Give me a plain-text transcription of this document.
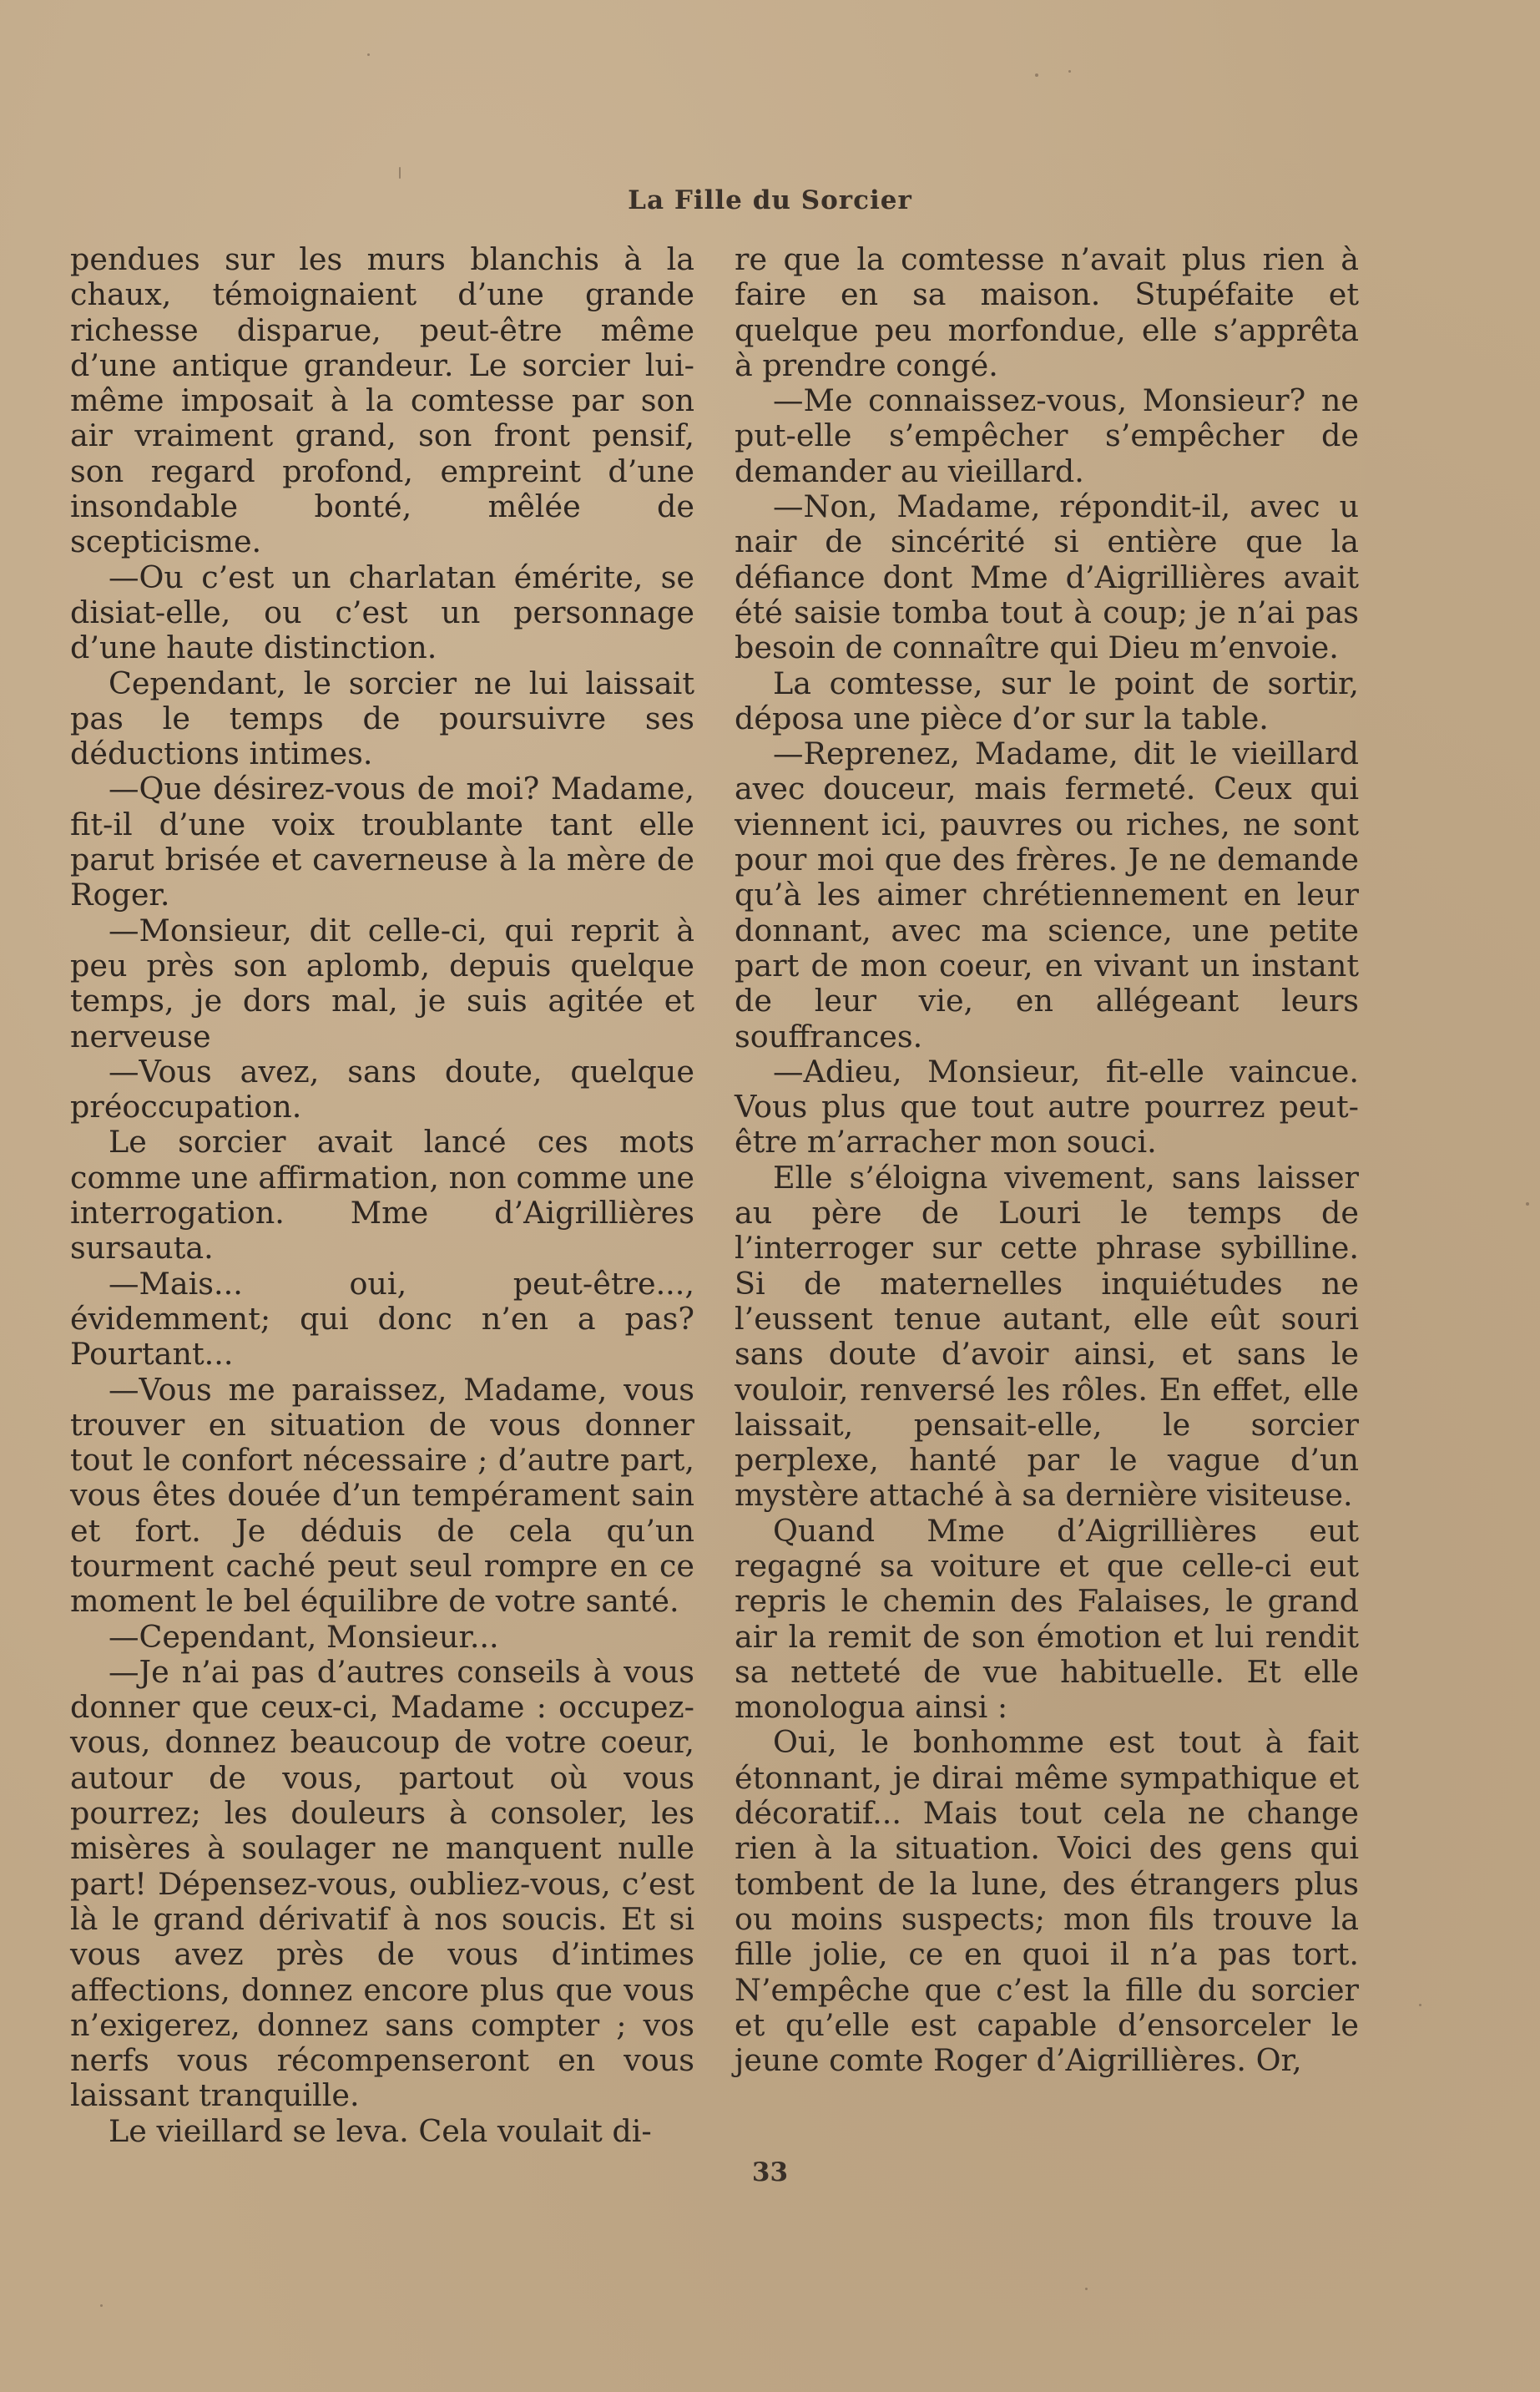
La Fille du Sorcier

pendues sur les murs blanchis à la chaux, témoignaient d’une grande richesse disparue, peut-être même d’une antique grandeur. Le sorcier lui-même imposait à la comtesse par son air vraiment grand, son front pensif, son regard profond, empreint d’une insondable bonté, mêlée de scepticisme.

—Ou c’est un charlatan émérite, se disiat-elle, ou c’est un personnage d’une haute distinction.

Cependant, le sorcier ne lui laissait pas le temps de poursuivre ses déductions intimes.

—Que désirez-vous de moi? Madame, fit-il d’une voix troublante tant elle parut brisée et caverneuse à la mère de Roger.

—Monsieur, dit celle-ci, qui reprit à peu près son aplomb, depuis quelque temps, je dors mal, je suis agitée et nerveuse

—Vous avez, sans doute, quelque préoccupation.

Le sorcier avait lancé ces mots comme une affirmation, non comme une interrogation. Mme d’Aigrillières sursauta.

—Mais... oui, peut-être..., évidemment; qui donc n’en a pas? Pourtant...

—Vous me paraissez, Madame, vous trouver en situation de vous donner tout le confort nécessaire ; d’autre part, vous êtes douée d’un tempérament sain et fort. Je déduis de cela qu’un tourment caché peut seul rompre en ce moment le bel équilibre de votre santé.

—Cependant, Monsieur...

—Je n’ai pas d’autres conseils à vous donner que ceux-ci, Madame : occupez-vous, donnez beaucoup de votre coeur, autour de vous, partout où vous pourrez; les douleurs à consoler, les misères à soulager ne manquent nulle part! Dépensez-vous, oubliez-vous, c’est là le grand dérivatif à nos soucis. Et si vous avez près de vous d’intimes affections, donnez encore plus que vous n’exigerez, donnez sans compter ; vos nerfs vous récompenseront en vous laissant tranquille.

Le vieillard se leva. Cela voulait di-

re que la comtesse n’avait plus rien à faire en sa maison. Stupéfaite et quelque peu morfondue, elle s’apprêta à prendre congé.

—Me connaissez-vous, Monsieur? ne put-elle s’empêcher s’empêcher de demander au vieillard.

—Non, Madame, répondit-il, avec u nair de sincérité si entière que la défiance dont Mme d’Aigrillières avait été saisie tomba tout à coup; je n’ai pas besoin de connaître qui Dieu m’envoie.

La comtesse, sur le point de sortir, déposa une pièce d’or sur la table.

—Reprenez, Madame, dit le vieillard avec douceur, mais fermeté. Ceux qui viennent ici, pauvres ou riches, ne sont pour moi que des frères. Je ne demande qu’à les aimer chrétiennement en leur donnant, avec ma science, une petite part de mon coeur, en vivant un instant de leur vie, en allégeant leurs souffrances.

—Adieu, Monsieur, fit-elle vaincue. Vous plus que tout autre pourrez peut-être m’arracher mon souci.

Elle s’éloigna vivement, sans laisser au père de Louri le temps de l’interroger sur cette phrase sybilline. Si de maternelles inquiétudes ne l’eussent tenue autant, elle eût souri sans doute d’avoir ainsi, et sans le vouloir, renversé les rôles. En effet, elle laissait, pensait-elle, le sorcier perplexe, hanté par le vague d’un mystère attaché à sa dernière visiteuse.

Quand Mme d’Aigrillières eut regagné sa voiture et que celle-ci eut repris le chemin des Falaises, le grand air la remit de son émotion et lui rendit sa netteté de vue habituelle. Et elle monologua ainsi :

Oui, le bonhomme est tout à fait étonnant, je dirai même sympathique et décoratif... Mais tout cela ne change rien à la situation. Voici des gens qui tombent de la lune, des étrangers plus ou moins suspects; mon fils trouve la fille jolie, ce en quoi il n’a pas tort. N’empêche que c’est la fille du sorcier et qu’elle est capable d’ensorceler le jeune comte Roger d’Aigrillières. Or,

33
